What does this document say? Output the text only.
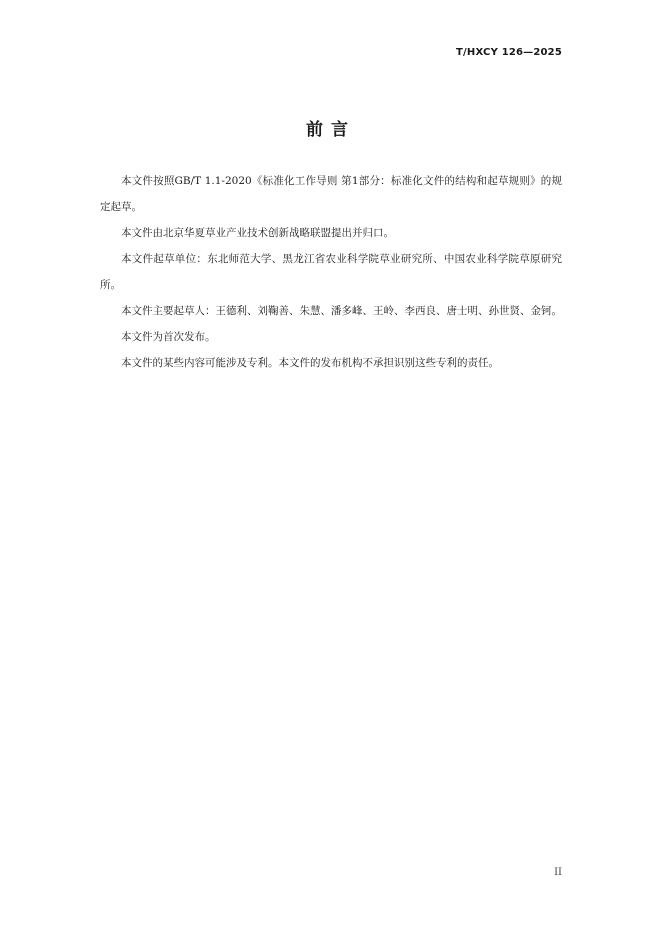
T/HXCY 126—2025
前言

本文件按照GB/T 1.1-2020《标准化工作导则 第1部分：标准化文件的结构和起草规则》的规定起草。

本文件由北京华夏草业产业技术创新战略联盟提出并归口。

本文件起草单位：东北师范大学、黑龙江省农业科学院草业研究所、中国农业科学院草原研究所。

本文件主要起草人：王德利、刘鞠善、朱慧、潘多峰、王岭、李西良、唐士明、孙世贤、金钶。

本文件为首次发布。

本文件的某些内容可能涉及专利。本文件的发布机构不承担识别这些专利的责任。

II
